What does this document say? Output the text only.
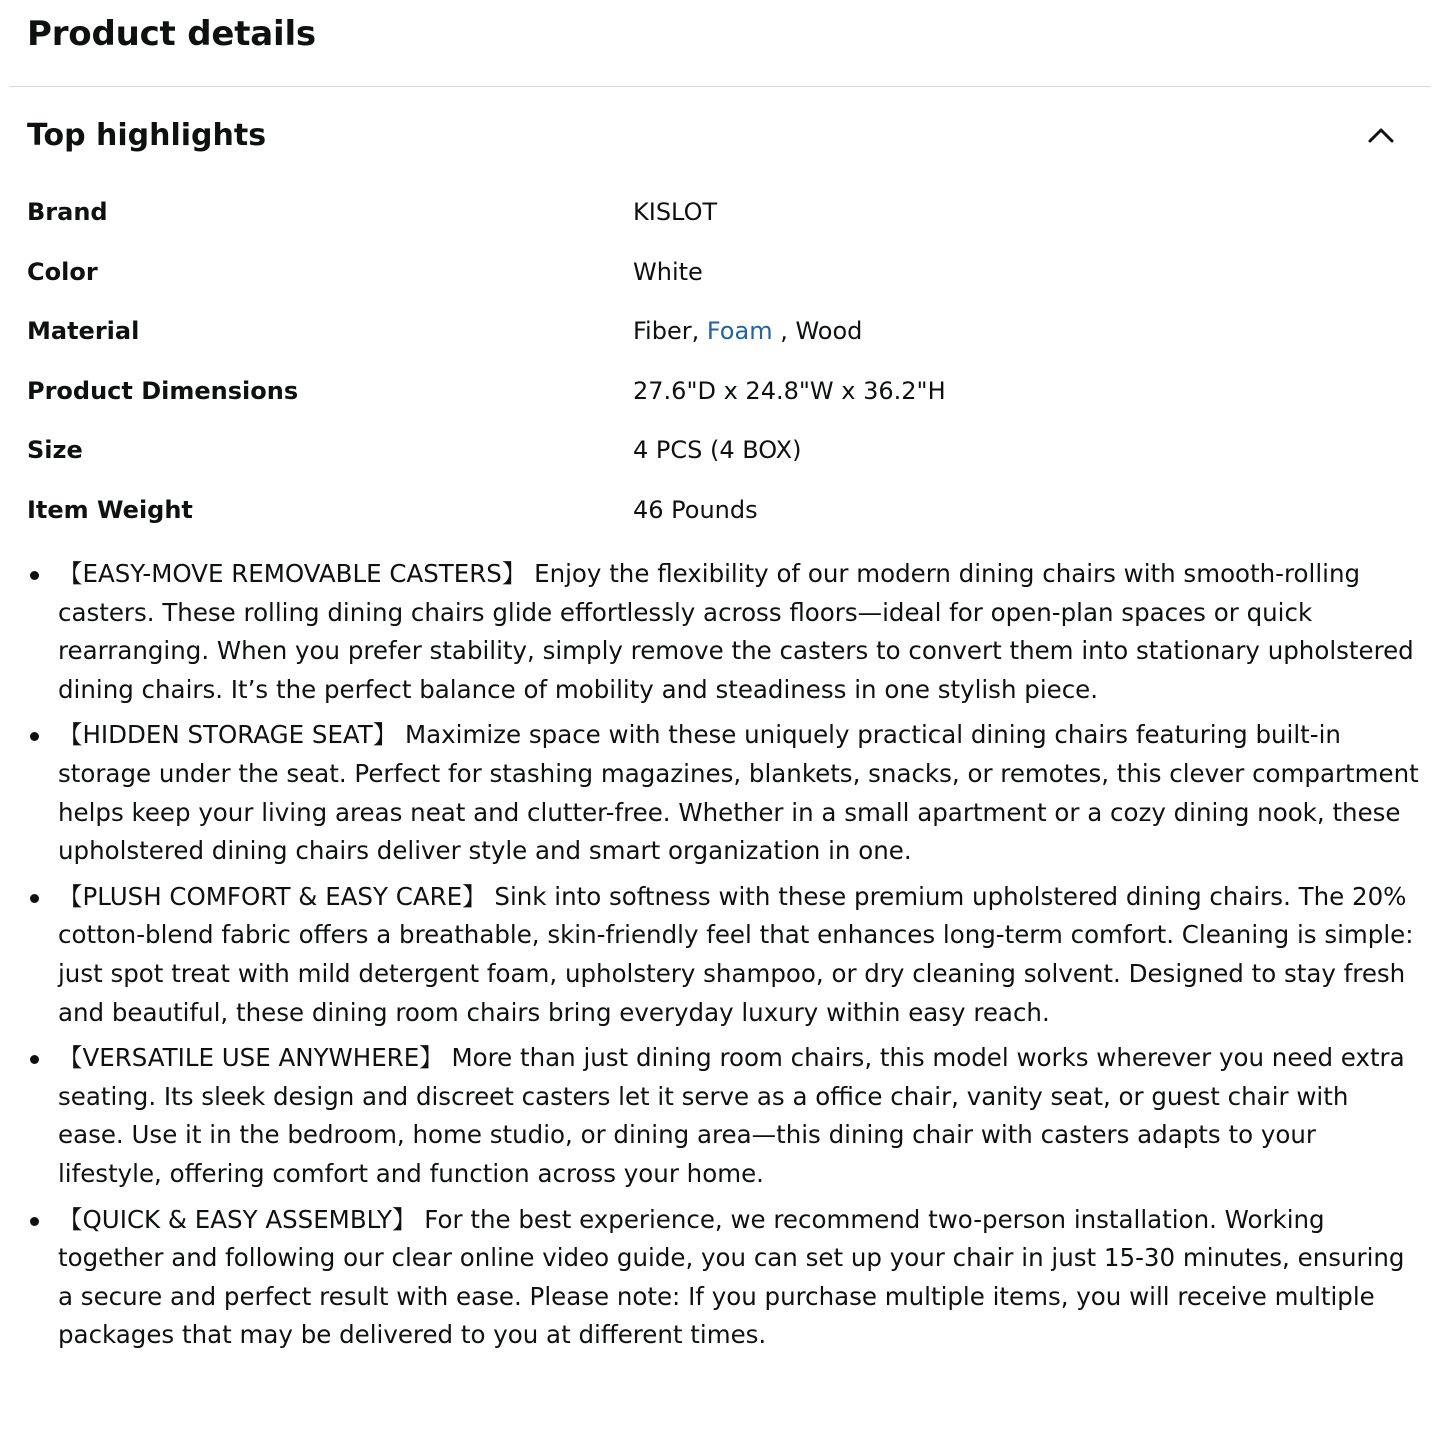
Product details
Top highlights
Brand	KISLOT
Color	White
Material	Fiber, Foam , Wood
Product Dimensions	27.6"D x 24.8"W x 36.2"H
Size	4 PCS (4 BOX)
Item Weight	46 Pounds
【EASY-MOVE REMOVABLE CASTERS】 Enjoy the flexibility of our modern dining chairs with smooth-rolling casters. These rolling dining chairs glide effortlessly across floors—ideal for open-plan spaces or quick rearranging. When you prefer stability, simply remove the casters to convert them into stationary upholstered dining chairs. It’s the perfect balance of mobility and steadiness in one stylish piece.
【HIDDEN STORAGE SEAT】 Maximize space with these uniquely practical dining chairs featuring built-in storage under the seat. Perfect for stashing magazines, blankets, snacks, or remotes, this clever compartment helps keep your living areas neat and clutter-free. Whether in a small apartment or a cozy dining nook, these upholstered dining chairs deliver style and smart organization in one.
【PLUSH COMFORT & EASY CARE】 Sink into softness with these premium upholstered dining chairs. The 20% cotton-blend fabric offers a breathable, skin-friendly feel that enhances long-term comfort. Cleaning is simple: just spot treat with mild detergent foam, upholstery shampoo, or dry cleaning solvent. Designed to stay fresh and beautiful, these dining room chairs bring everyday luxury within easy reach.
【VERSATILE USE ANYWHERE】 More than just dining room chairs, this model works wherever you need extra seating. Its sleek design and discreet casters let it serve as a office chair, vanity seat, or guest chair with ease. Use it in the bedroom, home studio, or dining area—this dining chair with casters adapts to your lifestyle, offering comfort and function across your home.
【QUICK & EASY ASSEMBLY】 For the best experience, we recommend two-person installation. Working together and following our clear online video guide, you can set up your chair in just 15-30 minutes, ensuring a secure and perfect result with ease. Please note: If you purchase multiple items, you will receive multiple packages that may be delivered to you at different times.
